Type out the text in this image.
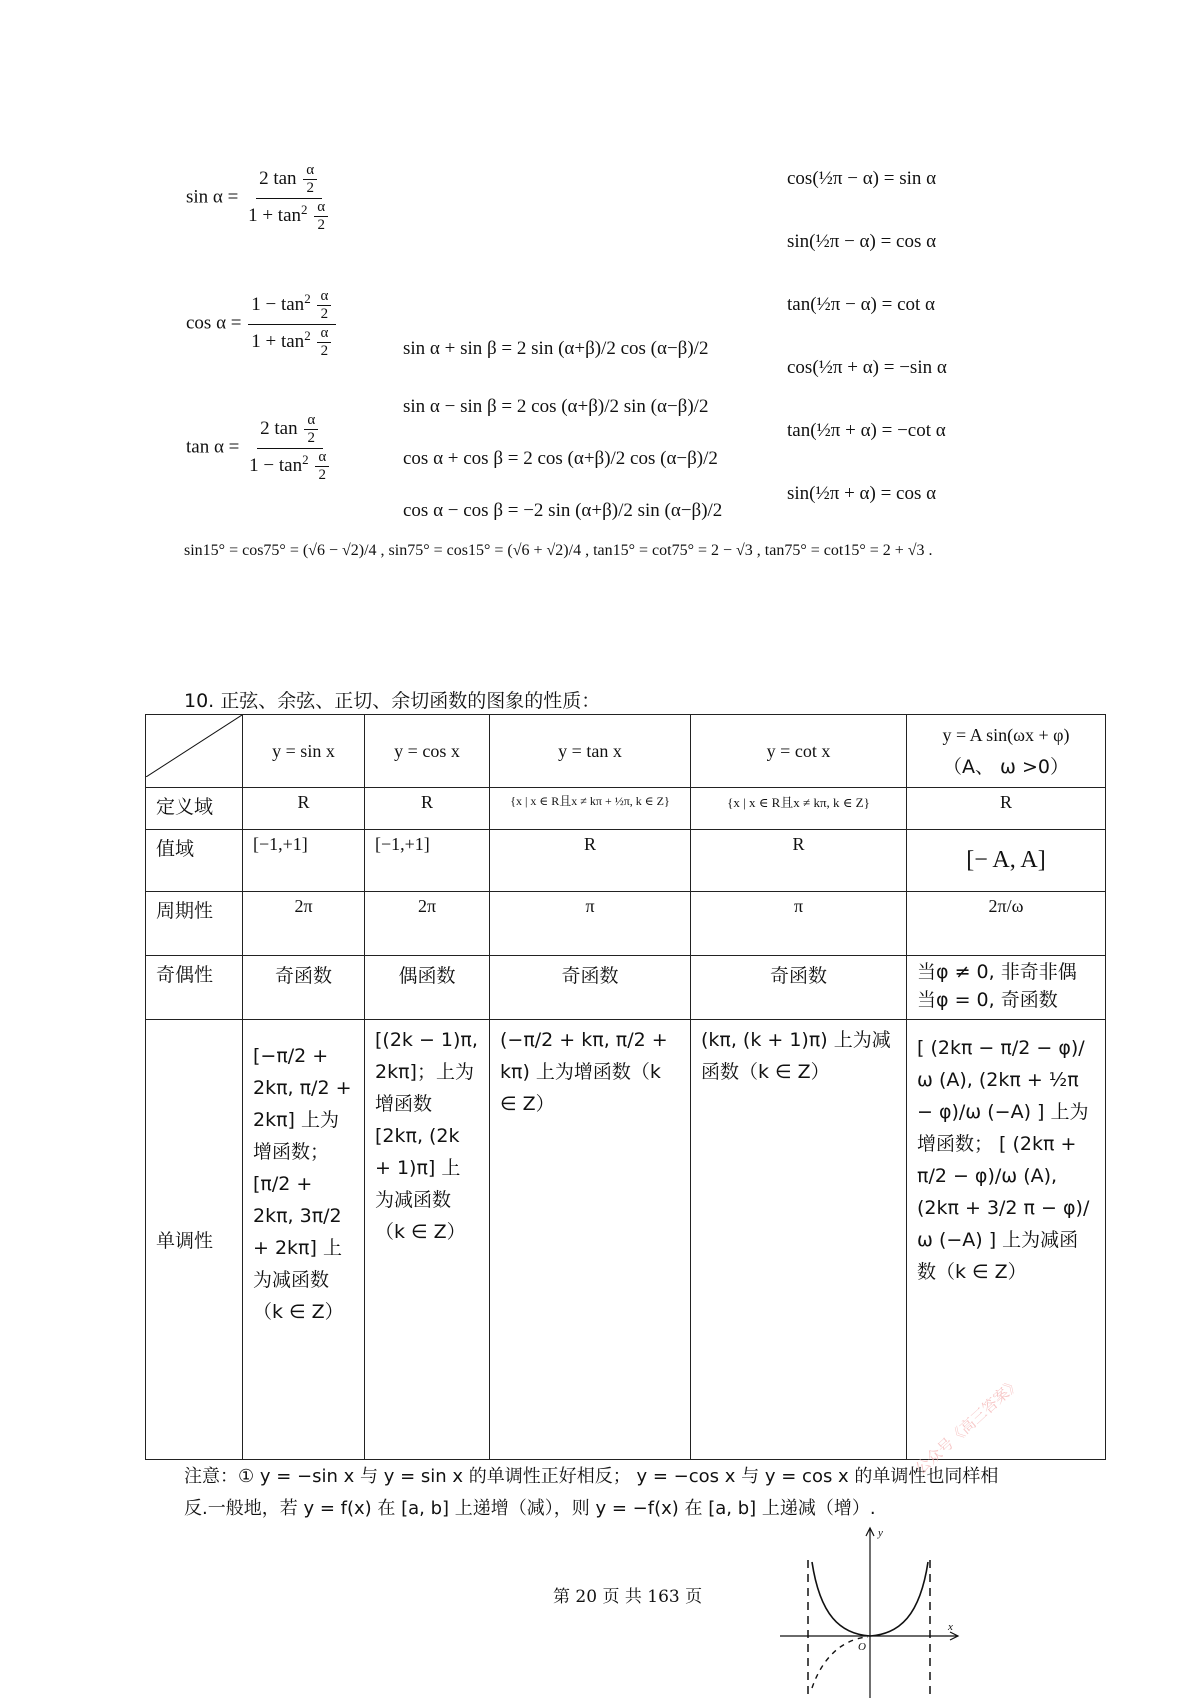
$\sin \alpha = \frac{2 \tan \frac{\alpha}{2}}{1 + \tan^2 \frac{\alpha}{2}}$
$\cos \alpha = \frac{1 - \tan^2 \frac{\alpha}{2}}{1 + \tan^2 \frac{\alpha}{2}}$
$\tan \alpha = \frac{2 \tan \frac{\alpha}{2}}{1 - \tan^2 \frac{\alpha}{2}}$
sin α + sin β = 2 sin (α+β)/2 cos (α−β)/2
sin α − sin β = 2 cos (α+β)/2 sin (α−β)/2
cos α + cos β = 2 cos (α+β)/2 cos (α−β)/2
cos α − cos β = −2 sin (α+β)/2 sin (α−β)/2
cos(½π − α) = sin α
sin(½π − α) = cos α
tan(½π − α) = cot α
cos(½π + α) = −sin α
tan(½π + α) = −cot α
sin(½π + α) = cos α
sin15° = cos75° = (√6 − √2)/4 , sin75° = cos15° = (√6 + √2)/4 , tan15° = cot75° = 2 − √3 , tan75° = cot15° = 2 + √3 .
10. 正弦、余弦、正切、余切函数的图象的性质：
	y = sin x	y = cos x	y = tan x	y = cot x	y = A sin(ωx + φ)
（A、 ω >0）

定义域	R	R	{x | x ∈ R且x ≠ kπ + ½π, k ∈ Z}	{x | x ∈ R且x ≠ kπ, k ∈ Z}	R
值域	[−1,+1]	[−1,+1]	R	R	[− A, A]
周期性	2π	2π	π	π	2π/ω
奇偶性	奇函数	偶函数	奇函数	奇函数	当φ ≠ 0, 非奇非偶
当φ = 0, 奇函数

单调性	[−π/2 + 2kπ, π/2 + 2kπ] 上为增函数；[π/2 + 2kπ, 3π/2 + 2kπ] 上为减函数（k ∈ Z）	[(2k − 1)π, 2kπ]；上为增函数 [2kπ, (2k + 1)π] 上为减函数（k ∈ Z）	(−π/2 + kπ, π/2 + kπ) 上为增函数（k ∈ Z）	(kπ, (k + 1)π) 上为减函数（k ∈ Z）	[ (2kπ − π/2 − φ)/ω (A), (2kπ + ½π − φ)/ω (−A) ] 上为增函数； [ (2kπ + π/2 − φ)/ω (A), (2kπ + 3/2 π − φ)/ω (−A) ] 上为减函数（k ∈ Z）
注意：① y = −sin x 与 y = sin x 的单调性正好相反； y = −cos x 与 y = cos x 的单调性也同样相
反.一般地，若 y = f(x) 在 [a, b] 上递增（减），则 y = −f(x) 在 [a, b] 上递减（增）.
第 20 页 共 163 页
y
x
O
公众号《高三答案》
